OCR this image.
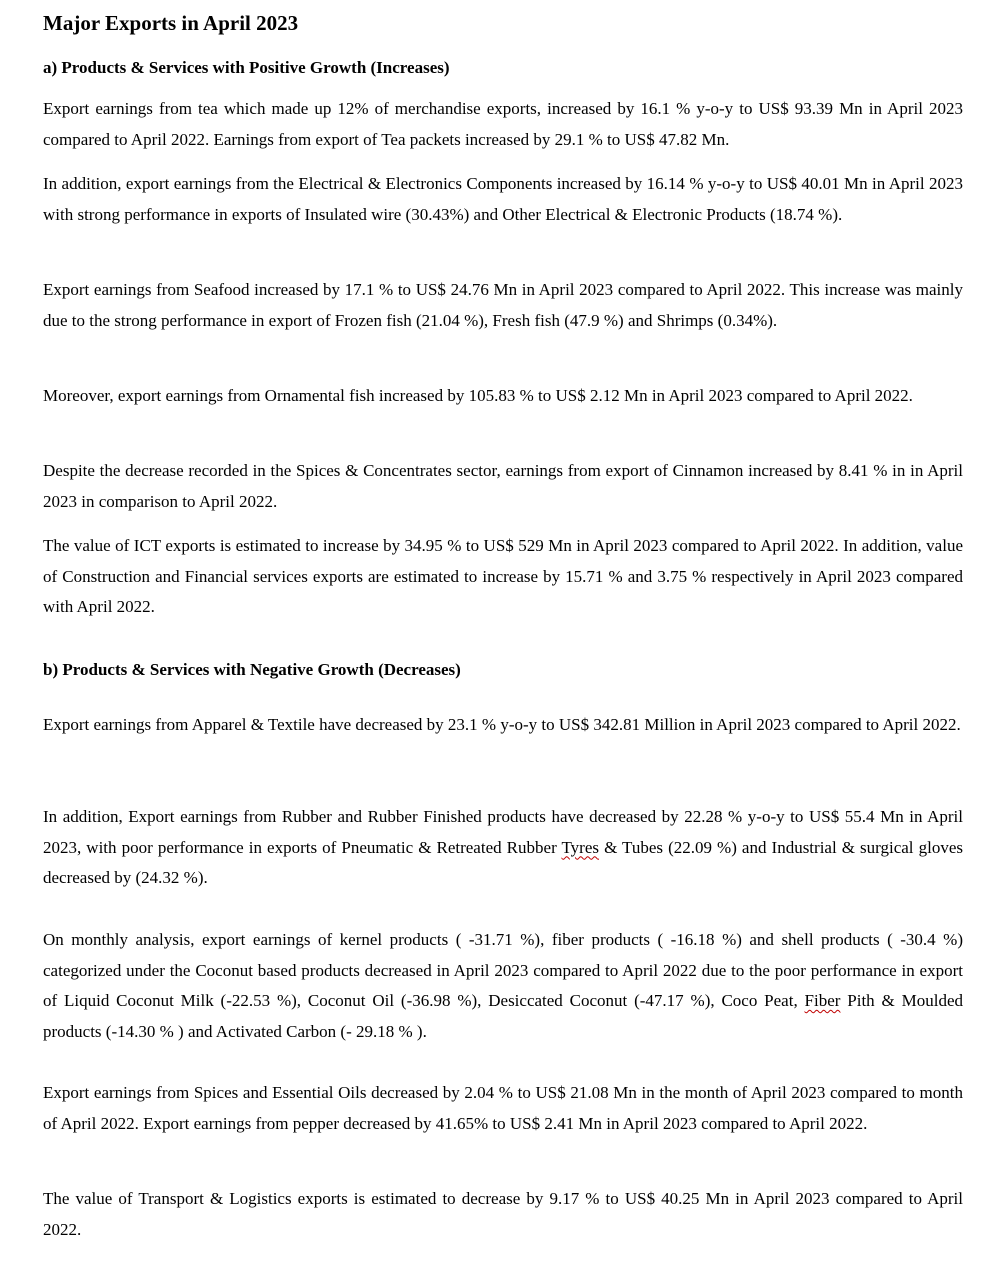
Major Exports in April 2023
a) Products & Services with Positive Growth (Increases)

Export earnings from tea which made up 12% of merchandise exports, increased by 16.1 % y-o-y to US$ 93.39 Mn in April 2023 compared to April 2022. Earnings from export of Tea packets increased by 29.1 % to US$ 47.82 Mn.

In addition, export earnings from the Electrical & Electronics Components increased by 16.14 % y-o-y to US$ 40.01 Mn in April 2023 with strong performance in exports of Insulated wire (30.43%) and Other Electrical & Electronic Products (18.74 %).

Export earnings from Seafood increased by 17.1 % to US$ 24.76 Mn in April 2023 compared to April 2022. This increase was mainly due to the strong performance in export of Frozen fish (21.04 %), Fresh fish (47.9 %) and Shrimps (0.34%).

Moreover, export earnings from Ornamental fish increased by 105.83 % to US$ 2.12 Mn in April 2023 compared to April 2022.

Despite the decrease recorded in the Spices & Concentrates sector, earnings from export of Cinnamon increased by 8.41 % in in April 2023 in comparison to April 2022.

The value of ICT exports is estimated to increase by 34.95 % to US$ 529 Mn in April 2023 compared to April 2022. In addition, value of Construction and Financial services exports are estimated to increase by 15.71 % and 3.75 % respectively in April 2023 compared with April 2022.

b) Products & Services with Negative Growth (Decreases)

Export earnings from Apparel & Textile have decreased by 23.1 % y-o-y to US$ 342.81 Million in April 2023 compared to April 2022.

In addition, Export earnings from Rubber and Rubber Finished products have decreased by 22.28 % y-o-y to US$ 55.4 Mn in April 2023, with poor performance in exports of Pneumatic & Retreated Rubber Tyres & Tubes (22.09 %) and Industrial & surgical gloves decreased by (24.32 %).

On monthly analysis, export earnings of kernel products ( -31.71 %), fiber products ( -16.18 %) and shell products ( -30.4 %) categorized under the Coconut based products decreased in April 2023 compared to April 2022 due to the poor performance in export of Liquid Coconut Milk (-22.53 %), Coconut Oil (-36.98 %), Desiccated Coconut (-47.17 %), Coco Peat, Fiber Pith & Moulded products (-14.30 % ) and Activated Carbon (- 29.18 % ).

Export earnings from Spices and Essential Oils decreased by 2.04 % to US$ 21.08 Mn in the month of April 2023 compared to month of April 2022. Export earnings from pepper decreased by 41.65% to US$ 2.41 Mn in April 2023 compared to April 2022.

The value of Transport & Logistics exports is estimated to decrease by 9.17 % to US$ 40.25 Mn in April 2023 compared to April 2022.
